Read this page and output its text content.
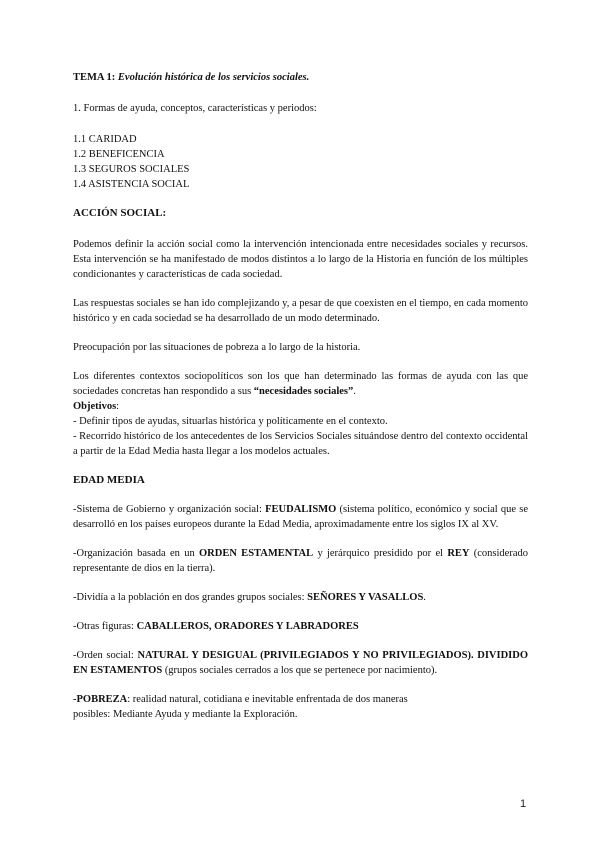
TEMA 1: Evolución histórica de los servicios sociales.

1. Formas de ayuda, conceptos, características y periodos:

1.1 CARIDAD

1.2 BENEFICENCIA

1.3 SEGUROS SOCIALES

1.4 ASISTENCIA SOCIAL

ACCIÓN SOCIAL:

Podemos definir la acción social como la intervención intencionada entre necesidades sociales y recursos. Esta intervención se ha manifestado de modos distintos a lo largo de la Historia en función de los múltiples condicionantes y características de cada sociedad.

Las respuestas sociales se han ido complejizando y, a pesar de que coexisten en el tiempo, en cada momento histórico y en cada sociedad se ha desarrollado de un modo determinado.

Preocupación por las situaciones de pobreza a lo largo de la historia.

Los diferentes contextos sociopolíticos son los que han determinado las formas de ayuda con las que sociedades concretas han respondido a sus “necesidades sociales”.

Objetivos:

- Definir tipos de ayudas, situarlas histórica y políticamente en el contexto.

- Recorrido histórico de los antecedentes de los Servicios Sociales situándose dentro del contexto occidental a partir de la Edad Media hasta llegar a los modelos actuales.

EDAD MEDIA

-Sistema de Gobierno y organización social: FEUDALISMO (sistema político, económico y social que se desarrolló en los países europeos durante la Edad Media, aproximadamente entre los siglos IX al XV.

-Organización basada en un ORDEN ESTAMENTAL y jerárquico presidido por el REY (considerado representante de dios en la tierra).

-Dividía a la población en dos grandes grupos sociales: SEÑORES Y VASALLOS.

-Otras figuras: CABALLEROS, ORADORES Y LABRADORES

-Orden social: NATURAL Y DESIGUAL (PRIVILEGIADOS Y NO PRIVILEGIADOS). DIVIDIDO EN ESTAMENTOS (grupos sociales cerrados a los que se pertenece por nacimiento).

-POBREZA: realidad natural, cotidiana e inevitable enfrentada de dos maneras

posibles: Mediante Ayuda y mediante la Exploración.

1
